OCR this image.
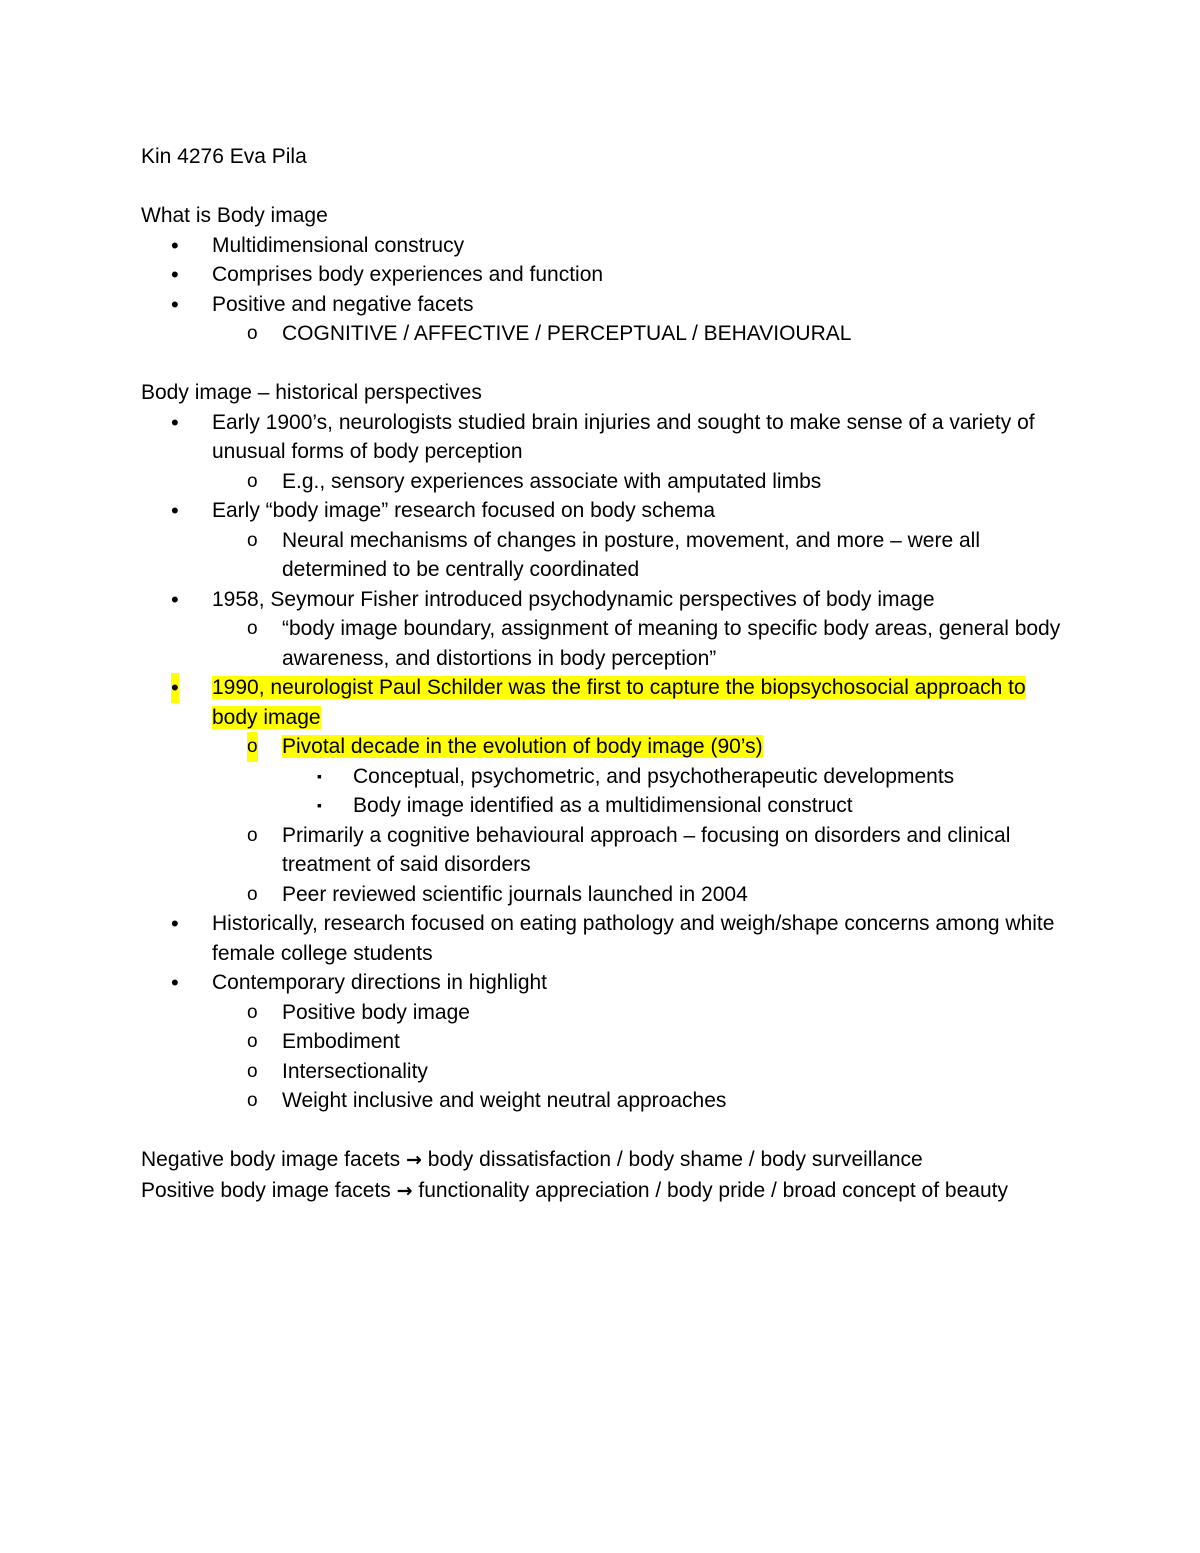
Kin 4276 Eva Pila

What is Body image

• Multidimensional construcy
• Comprises body experiences and function
• Positive and negative facets
o COGNITIVE / AFFECTIVE / PERCEPTUAL / BEHAVIOURAL

Body image – historical perspectives

• Early 1900’s, neurologists studied brain injuries and sought to make sense of a variety of unusual forms of body perception
o E.g., sensory experiences associate with amputated limbs
• Early “body image” research focused on body schema
o Neural mechanisms of changes in posture, movement, and more – were all determined to be centrally coordinated
• 1958, Seymour Fisher introduced psychodynamic perspectives of body image
o “body image boundary, assignment of meaning to specific body areas, general body awareness, and distortions in body perception”
• 1990, neurologist Paul Schilder was the first to capture the biopsychosocial approach to body image
o Pivotal decade in the evolution of body image (90’s)
▪ Conceptual, psychometric, and psychotherapeutic developments
▪ Body image identified as a multidimensional construct
o Primarily a cognitive behavioural approach – focusing on disorders and clinical treatment of said disorders
o Peer reviewed scientific journals launched in 2004
• Historically, research focused on eating pathology and weigh/shape concerns among white female college students
• Contemporary directions in highlight
o Positive body image
o Embodiment
o Intersectionality
o Weight inclusive and weight neutral approaches

Negative body image facets → body dissatisfaction / body shame / body surveillance

Positive body image facets → functionality appreciation / body pride / broad concept of beauty
